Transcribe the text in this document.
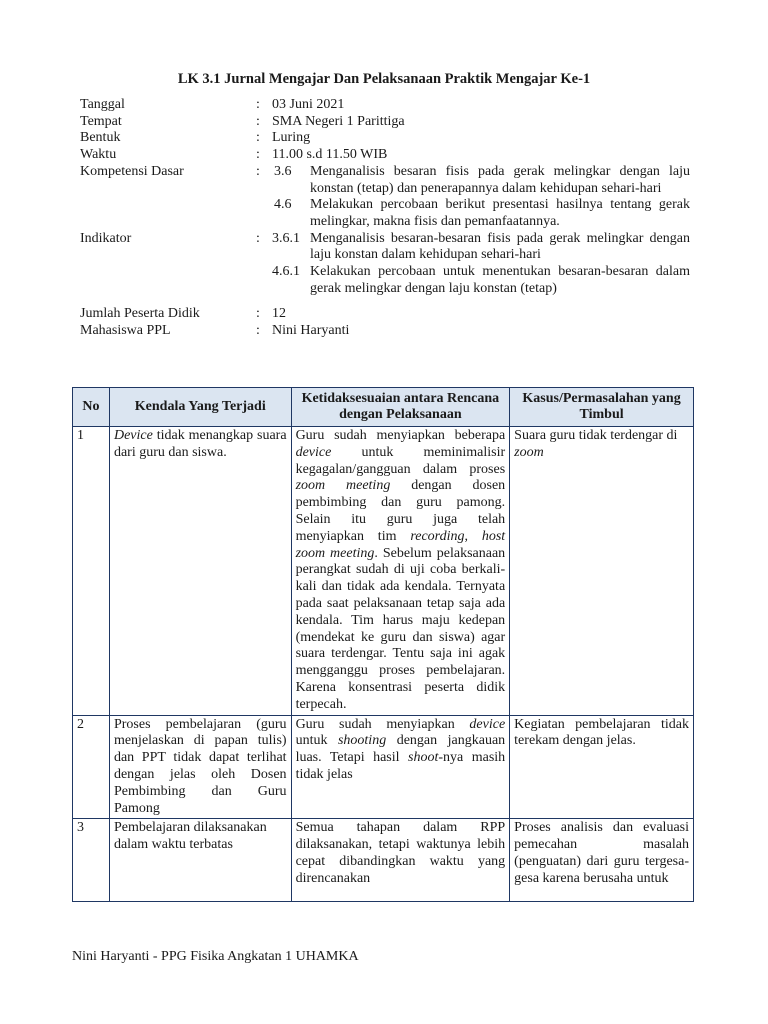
LK 3.1 Jurnal Mengajar Dan Pelaksanaan Praktik Mengajar Ke-1
Tanggal	: 03 Juni 2021
Tempat	: SMA Negeri 1 Parittiga
Bentuk	: Luring
Waktu	: 11.00 s.d 11.50 WIB
Kompetensi Dasar	:	3.6	Menganalisis besaran fisis pada gerak melingkar dengan laju konstan (tetap) dan penerapannya dalam kehidupan sehari-hari
4.6	Melakukan percobaan berikut presentasi hasilnya tentang gerak melingkar, makna fisis dan pemanfaatannya.
Indikator	: 3.6.1 Menganalisis besaran-besaran fisis pada gerak melingkar dengan laju konstan dalam kehidupan sehari-hari
4.6.1 Kelakukan percobaan untuk menentukan besaran-besaran dalam gerak melingkar dengan laju konstan (tetap)
Jumlah Peserta Didik	: 12
Mahasiswa PPL	: Nini Haryanti
No	Kendala Yang Terjadi	Ketidaksesuaian antara Rencana dengan Pelaksanaan	Kasus/Permasalahan yang Timbul
1	Device tidak menangkap suara dari guru dan siswa.	Guru sudah menyiapkan beberapa device untuk meminimalisir kegagalan/gangguan dalam proses zoom meeting dengan dosen pembimbing dan guru pamong. Selain itu guru juga telah menyiapkan tim recording, host zoom meeting. Sebelum pelaksanaan perangkat sudah di uji coba berkali-kali dan tidak ada kendala. Ternyata pada saat pelaksanaan tetap saja ada kendala. Tim harus maju kedepan (mendekat ke guru dan siswa) agar suara terdengar. Tentu saja ini agak mengganggu proses pembelajaran. Karena konsentrasi peserta didik terpecah.	Suara guru tidak terdengar di zoom
2	Proses pembelajaran (guru menjelaskan di papan tulis) dan PPT tidak dapat terlihat dengan jelas oleh Dosen Pembimbing dan Guru Pamong	Guru sudah menyiapkan device untuk shooting dengan jangkauan luas. Tetapi hasil shoot-nya masih tidak jelas	Kegiatan pembelajaran tidak terekam dengan jelas.
3	Pembelajaran dilaksanakan dalam waktu terbatas	Semua tahapan dalam RPP dilaksanakan, tetapi waktunya lebih cepat dibandingkan waktu yang direncanakan	Proses analisis dan evaluasi pemecahan masalah (penguatan) dari guru tergesa-gesa karena berusaha untuk
Nini Haryanti - PPG Fisika Angkatan 1 UHAMKA
